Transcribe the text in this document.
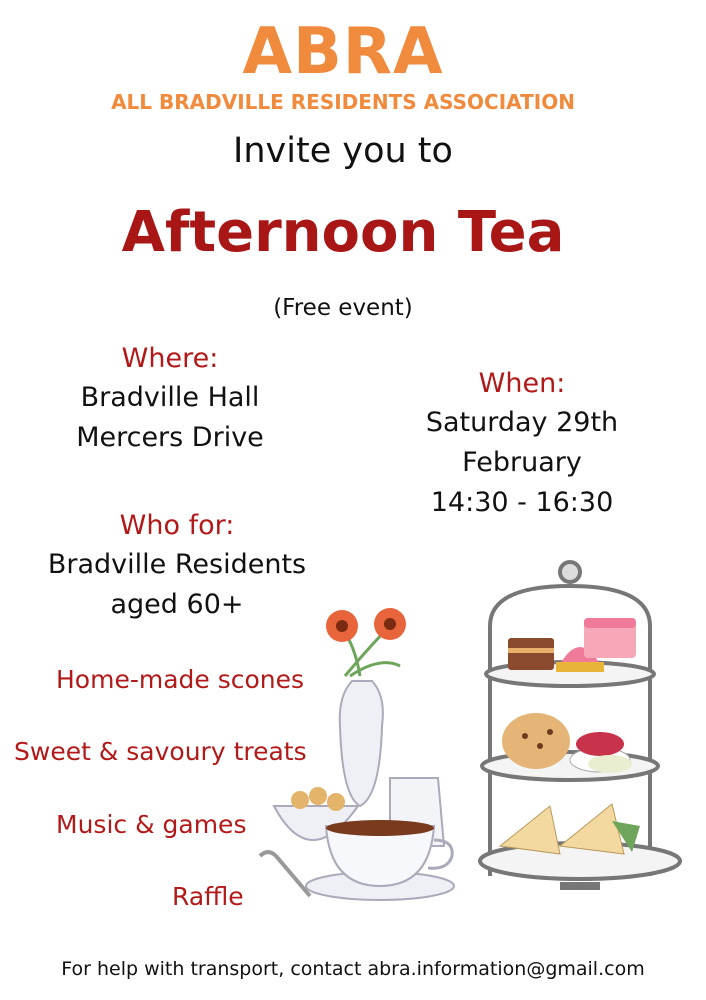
ABRA
ALL BRADVILLE RESIDENTS ASSOCIATION
Invite you to
Afternoon Tea
(Free event)
Where:
Bradville Hall
Mercers Drive
When:
Saturday 29th
February
14:30 - 16:30
Who for:
Bradville Residents
aged 60+
Home-made scones
Sweet & savoury treats
Music & games
Raffle
For help with transport, contact abra.information@gmail.com
